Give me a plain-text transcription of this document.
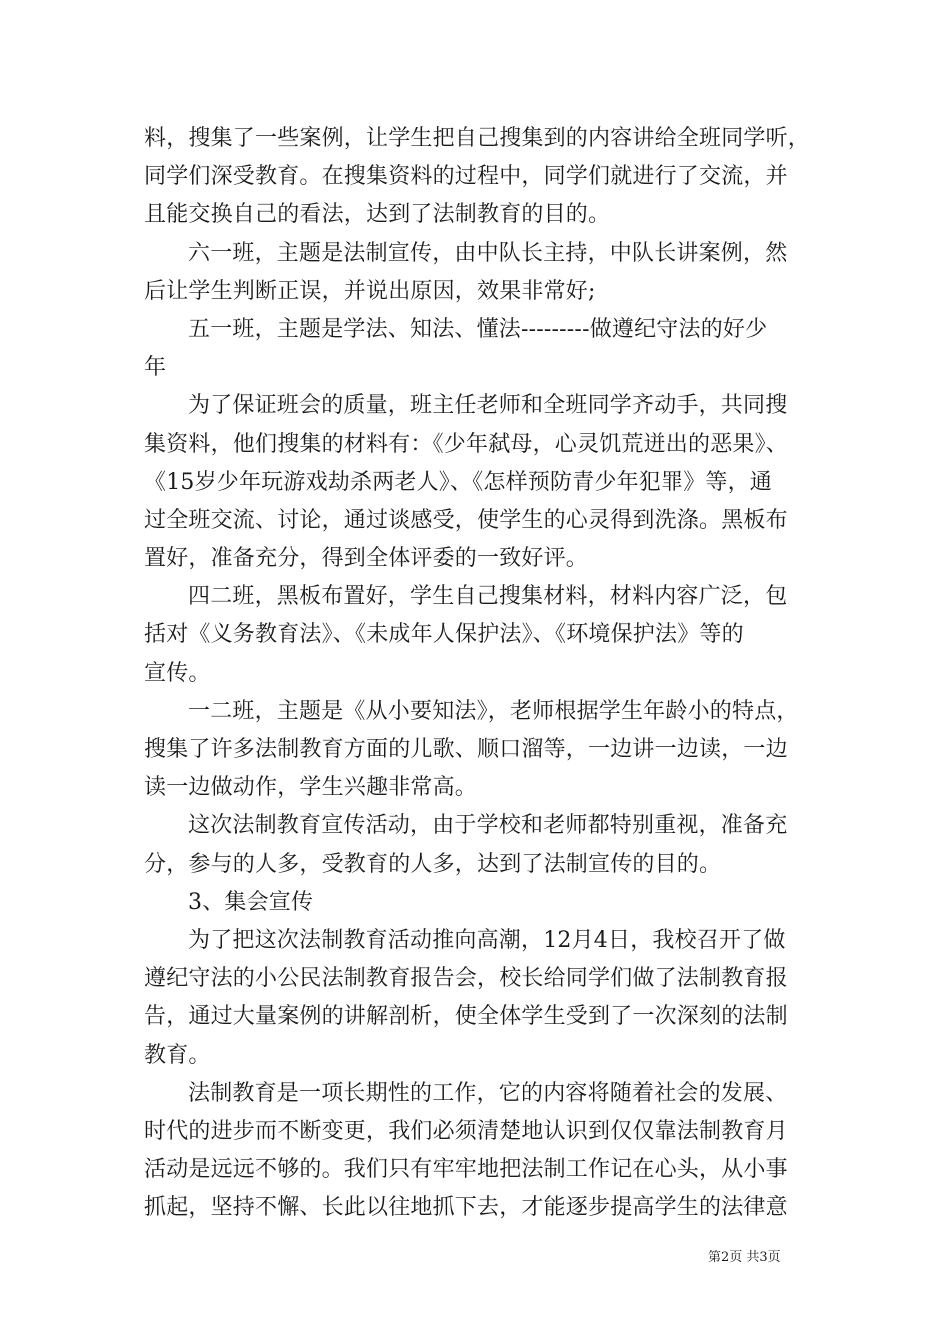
料，搜集了一些案例，让学生把自己搜集到的内容讲给全班同学听，
同学们深受教育。在搜集资料的过程中，同学们就进行了交流，并
且能交换自己的看法，达到了法制教育的目的。
六一班，主题是法制宣传，由中队长主持，中队长讲案例，然
后让学生判断正误，并说出原因，效果非常好;
五一班，主题是学法、知法、懂法---------做遵纪守法的好少
年
为了保证班会的质量，班主任老师和全班同学齐动手，共同搜
集资料，他们搜集的材料有：《少年弑母，心灵饥荒迸出的恶果》、
《15岁少年玩游戏劫杀两老人》、《怎样预防青少年犯罪》等，通
过全班交流、讨论，通过谈感受，使学生的心灵得到洗涤。黑板布
置好，准备充分，得到全体评委的一致好评。
四二班，黑板布置好，学生自己搜集材料，材料内容广泛，包
括对《义务教育法》、《未成年人保护法》、《环境保护法》等的
宣传。
一二班，主题是《从小要知法》，老师根据学生年龄小的特点，
搜集了许多法制教育方面的儿歌、顺口溜等，一边讲一边读，一边
读一边做动作，学生兴趣非常高。
这次法制教育宣传活动，由于学校和老师都特别重视，准备充
分，参与的人多，受教育的人多，达到了法制宣传的目的。
3、集会宣传
为了把这次法制教育活动推向高潮，12月4日，我校召开了做
遵纪守法的小公民法制教育报告会，校长给同学们做了法制教育报
告，通过大量案例的讲解剖析，使全体学生受到了一次深刻的法制
教育。
法制教育是一项长期性的工作，它的内容将随着社会的发展、
时代的进步而不断变更，我们必须清楚地认识到仅仅靠法制教育月
活动是远远不够的。我们只有牢牢地把法制工作记在心头，从小事
抓起，坚持不懈、长此以往地抓下去，才能逐步提高学生的法律意
第2页 共3页
